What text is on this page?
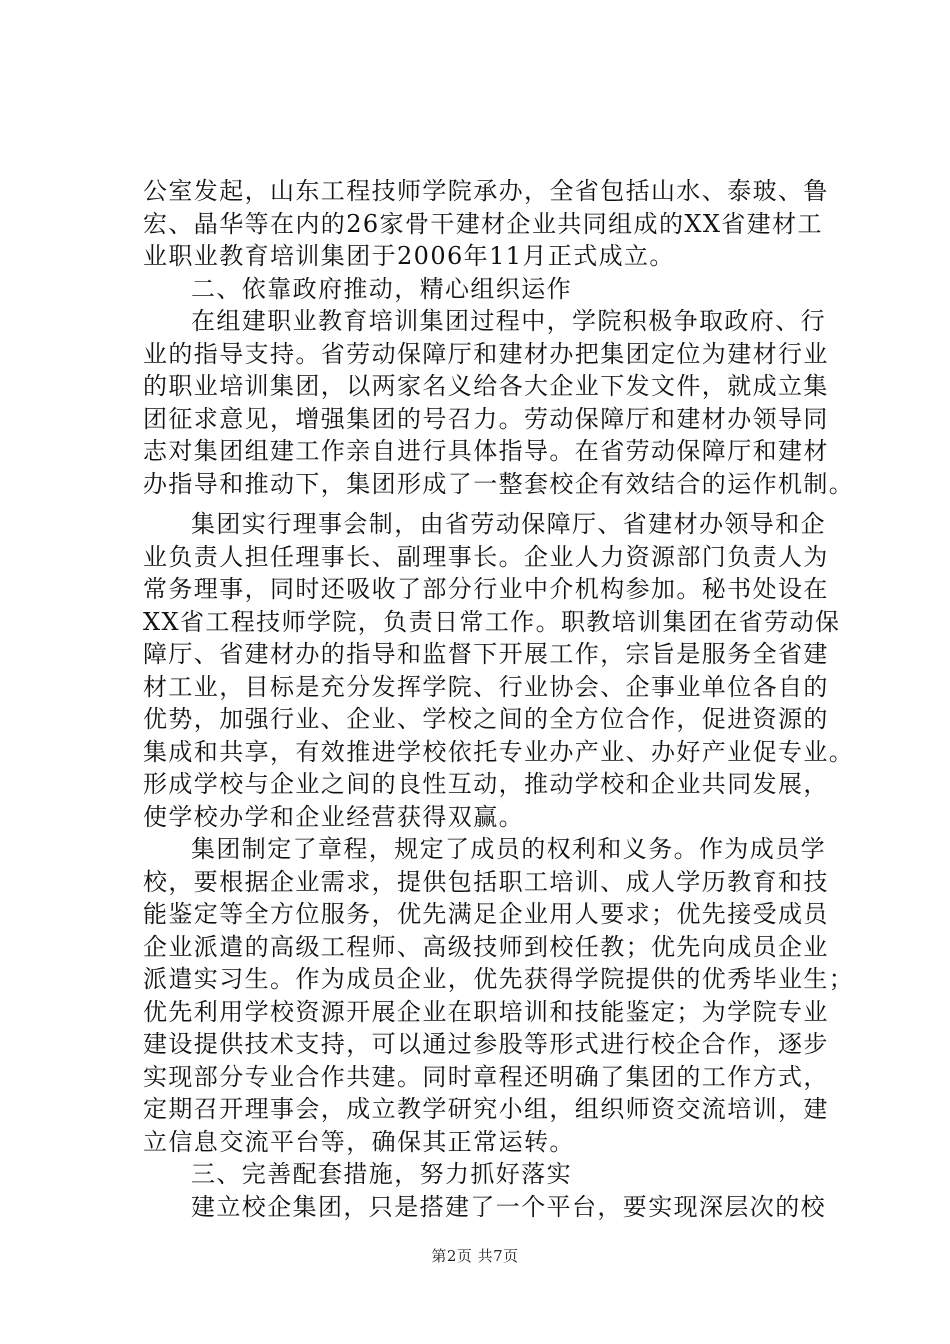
公室发起，山东工程技师学院承办，全省包括山水、泰玻、鲁
宏、晶华等在内的26家骨干建材企业共同组成的XX省建材工
业职业教育培训集团于2006年11月正式成立。
二、依靠政府推动，精心组织运作
在组建职业教育培训集团过程中，学院积极争取政府、行
业的指导支持。省劳动保障厅和建材办把集团定位为建材行业
的职业培训集团，以两家名义给各大企业下发文件，就成立集
团征求意见，增强集团的号召力。劳动保障厅和建材办领导同
志对集团组建工作亲自进行具体指导。在省劳动保障厅和建材
办指导和推动下，集团形成了一整套校企有效结合的运作机制。
集团实行理事会制，由省劳动保障厅、省建材办领导和企
业负责人担任理事长、副理事长。企业人力资源部门负责人为
常务理事，同时还吸收了部分行业中介机构参加。秘书处设在
XX省工程技师学院，负责日常工作。职教培训集团在省劳动保
障厅、省建材办的指导和监督下开展工作，宗旨是服务全省建
材工业，目标是充分发挥学院、行业协会、企事业单位各自的
优势，加强行业、企业、学校之间的全方位合作，促进资源的
集成和共享，有效推进学校依托专业办产业、办好产业促专业。
形成学校与企业之间的良性互动，推动学校和企业共同发展，
使学校办学和企业经营获得双赢。
集团制定了章程，规定了成员的权利和义务。作为成员学
校，要根据企业需求，提供包括职工培训、成人学历教育和技
能鉴定等全方位服务，优先满足企业用人要求；优先接受成员
企业派遣的高级工程师、高级技师到校任教；优先向成员企业
派遣实习生。作为成员企业，优先获得学院提供的优秀毕业生；
优先利用学校资源开展企业在职培训和技能鉴定；为学院专业
建设提供技术支持，可以通过参股等形式进行校企合作，逐步
实现部分专业合作共建。同时章程还明确了集团的工作方式，
定期召开理事会，成立教学研究小组，组织师资交流培训，建
立信息交流平台等，确保其正常运转。
三、完善配套措施，努力抓好落实
建立校企集团，只是搭建了一个平台，要实现深层次的校
第2页 共7页
